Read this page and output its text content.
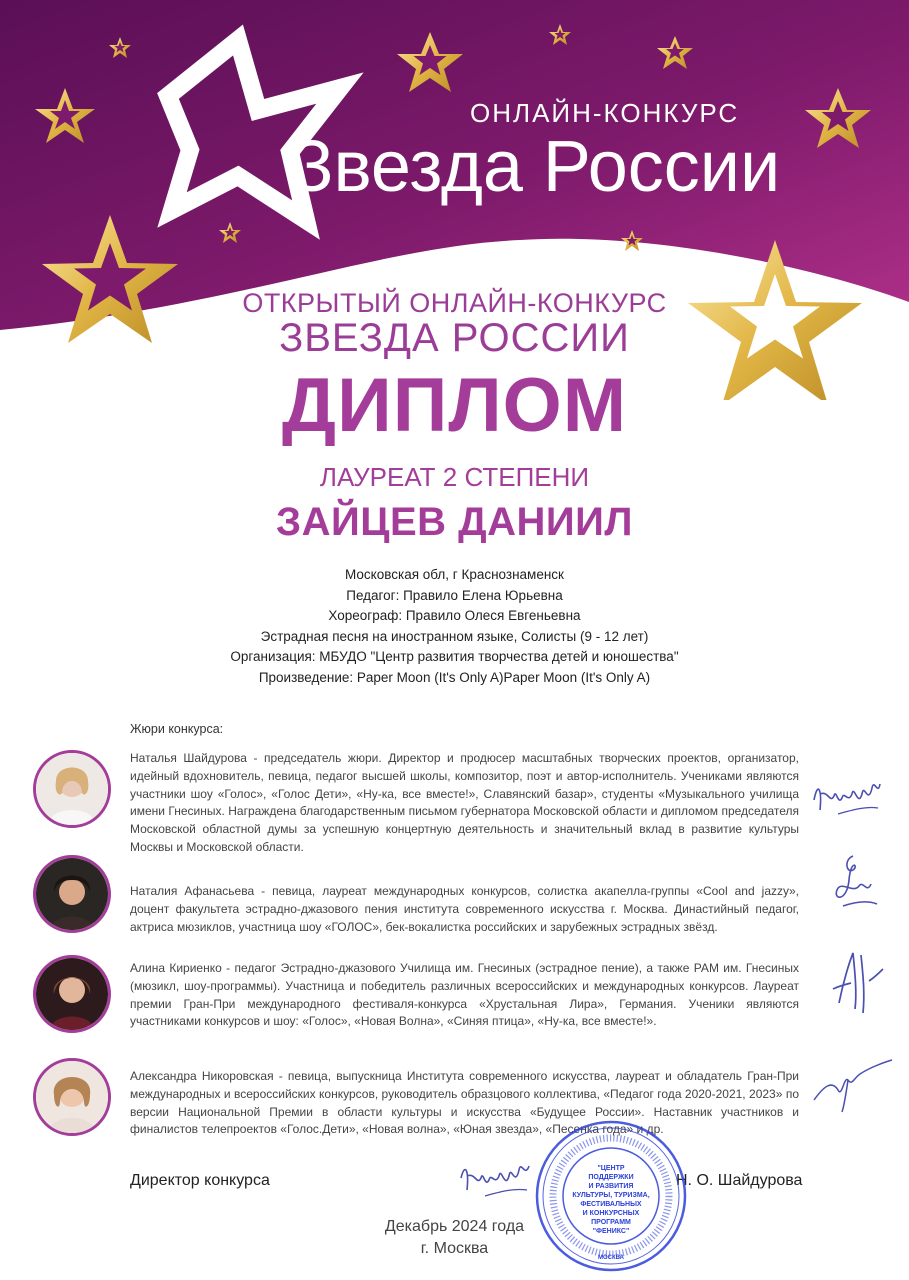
ОНЛАЙН-КОНКУРС
Звезда России
ОТКРЫТЫЙ ОНЛАЙН-КОНКУРС
ЗВЕЗДА РОССИИ
ДИПЛОМ
ЛАУРЕАТ 2 СТЕПЕНИ
ЗАЙЦЕВ ДАНИИЛ
Московская обл, г Краснознаменск
Педагог: Правило Елена Юрьевна
Хореограф: Правило Олеся Евгеньевна
Эстрадная песня на иностранном языке, Солисты (9 - 12 лет)
Организация: МБУДО "Центр развития творчества детей и юношества"
Произведение: Paper Moon (It's Only A)Paper Moon (It's Only A)
Жюри конкурса:
Наталья Шайдурова - председатель жюри. Директор и продюсер масштабных творческих проектов, организатор, идейный вдохновитель, певица, педагог высшей школы, композитор, поэт и автор-исполнитель. Учениками являются участники шоу «Голос», «Голос Дети», «Ну-ка, все вместе!», Славянский базар», студенты «Музыкального училища имени Гнесиных. Награждена благодарственным письмом губернатора Московской области и дипломом председателя Московской областной думы за успешную концертную деятельность и значительный вклад в развитие культуры Москвы и Московской области.
Наталия Афанасьева - певица, лауреат международных конкурсов, солистка акапелла-группы «Cool and jazzy», доцент факультета эстрадно-джазового пения института современного искусства г. Москва. Династийный педагог, актриса мюзиклов, участница шоу «ГОЛОС», бек-вокалистка российских и зарубежных эстрадных звёзд.
Алина Кириенко - педагог Эстрадно-джазового Училища им. Гнесиных (эстрадное пение), а также РАМ им. Гнесиных (мюзикл, шоу-программы). Участница и победитель различных всероссийских и международных конкурсов. Лауреат премии Гран-При международного фестиваля-конкурса «Хрустальная Лира», Германия. Ученики являются участниками конкурсов и шоу: «Голос», «Новая Волна», «Синяя птица», «Ну-ка, все вместе!».
Александра Никоровская - певица, выпускница Института современного искусства, лауреат и обладатель Гран-При международных и всероссийских конкурсов, руководитель образцового коллектива, «Педагог года 2020-2021, 2023» по версии Национальной Премии в области культуры и искусства «Будущее России». Наставник участников и финалистов телепроектов «Голос.Дети», «Новая волна», «Юная звезда», «Песенка года» и др.
Директор конкурса	Н. О. Шайдурова
Декабрь 2024 года
г. Москва
"ЦЕНТР
ПОДДЕРЖКИ
И РАЗВИТИЯ
КУЛЬТУРЫ, ТУРИЗМА,
ФЕСТИВАЛЬНЫХ
И КОНКУРСНЫХ
ПРОГРАММ
"ФЕНИКС"
МОСКВА
